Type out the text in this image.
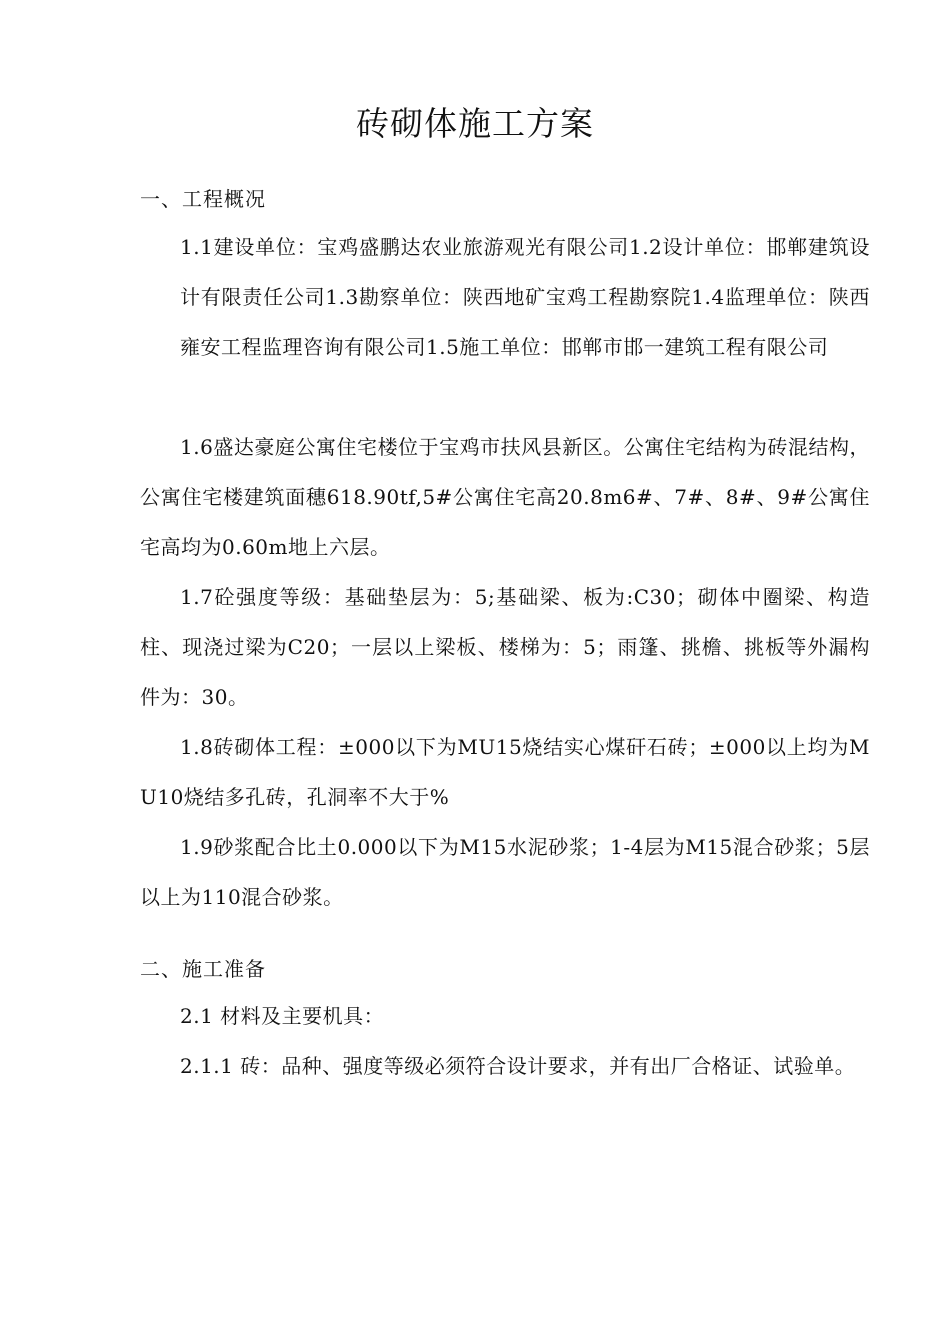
砖砌体施工方案
一、工程概况

1.1建设单位：宝鸡盛鹏达农业旅游观光有限公司1.2设计单位：邯郸建筑设计有限责任公司1.3勘察单位：陕西地矿宝鸡工程勘察院1.4监理单位：陕西雍安工程监理咨询有限公司1.5施工单位：邯郸市邯一建筑工程有限公司

1.6盛达豪庭公寓住宅楼位于宝鸡市扶风县新区。公寓住宅结构为砖混结构，公寓住宅楼建筑面穗618.90tf,5#公寓住宅高20.8m6#、7#、8#、9#公寓住宅高均为0.60m地上六层。

1.7砼强度等级：基础垫层为：5;基础梁、板为:C30；砌体中圈梁、构造柱、现浇过梁为C20；一层以上梁板、楼梯为：5；雨篷、挑檐、挑板等外漏构件为：30。

1.8砖砌体工程：±000以下为MU15烧结实心煤矸石砖；±000以上均为MU10烧结多孔砖，孔洞率不大于%

1.9砂浆配合比土0.000以下为M15水泥砂浆；1-4层为M15混合砂浆；5层以上为110混合砂浆。

二、施工准备

2.1 材料及主要机具：

2.1.1 砖：品种、强度等级必须符合设计要求，并有出厂合格证、试验单。
